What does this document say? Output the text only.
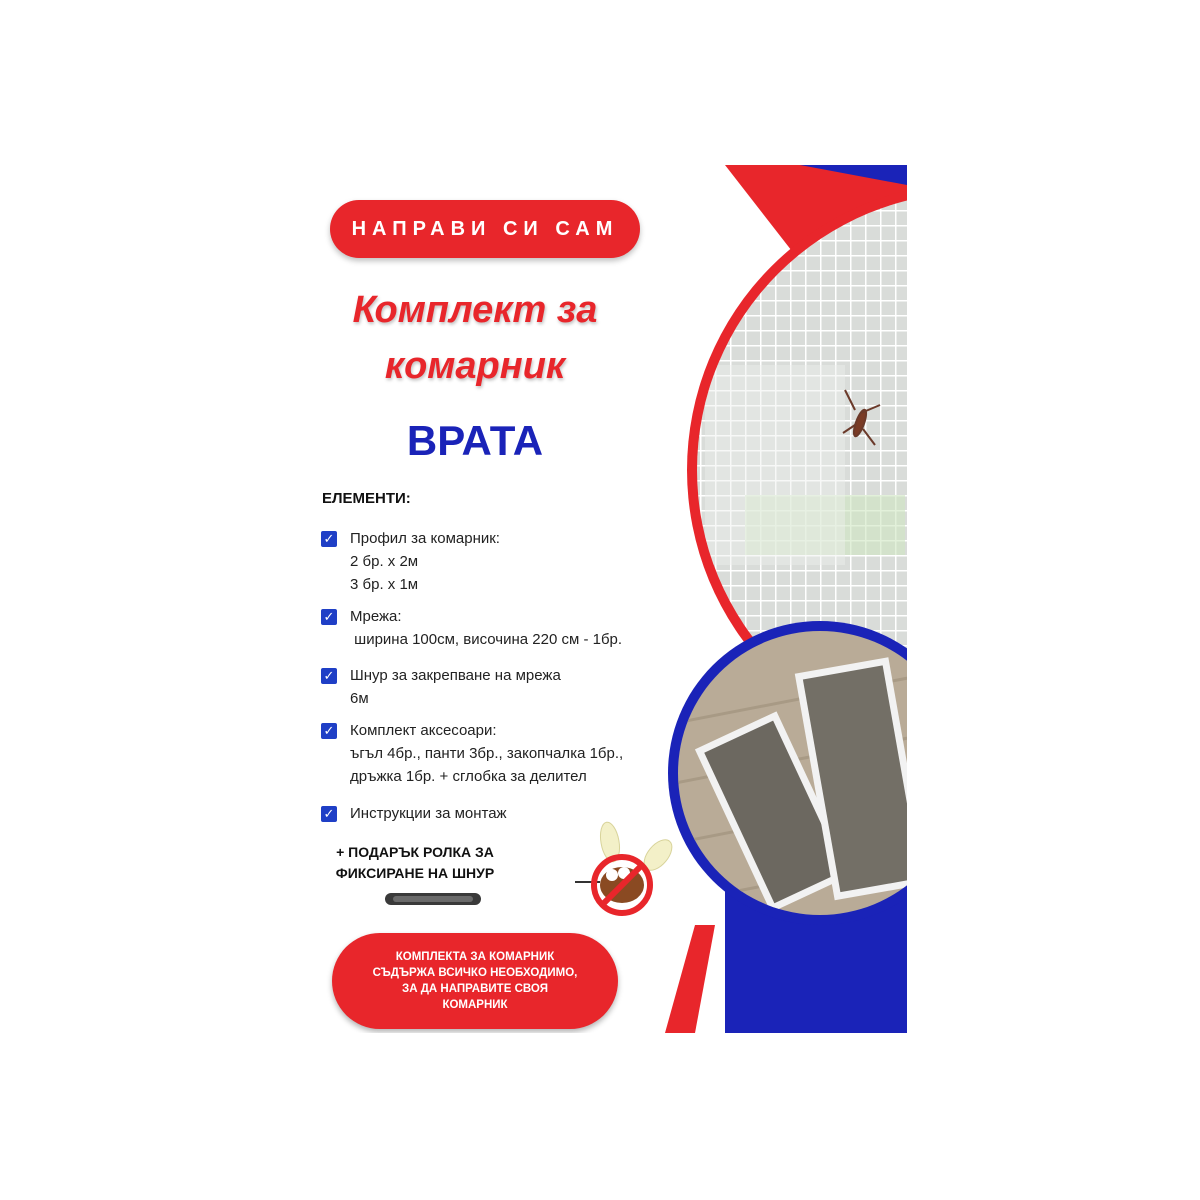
НАПРАВИ СИ САМ
Комплект за
комарник
ВРАТА
ЕЛЕМЕНТИ:
✓ Профил за комарник:
2 бр. х 2м
3 бр. х 1м
✓ Мрежа:
ширина 100см, височина 220 см - 1бр.
✓ Шнур за закрепване на мрежа
6м
✓ Комплект аксесоари:
ъгъл 4бр., панти 3бр., закопчалка 1бр.,
дръжка 1бр. + сглобка за делител
✓ Инструкции за монтаж
+ ПОДАРЪК РОЛКА ЗА
ФИКСИРАНЕ НА ШНУР
КОМПЛЕКТА ЗА КОМАРНИК
СЪДЪРЖА ВСИЧКО НЕОБХОДИМО,
ЗА ДА НАПРАВИТЕ СВОЯ
КОМАРНИК
